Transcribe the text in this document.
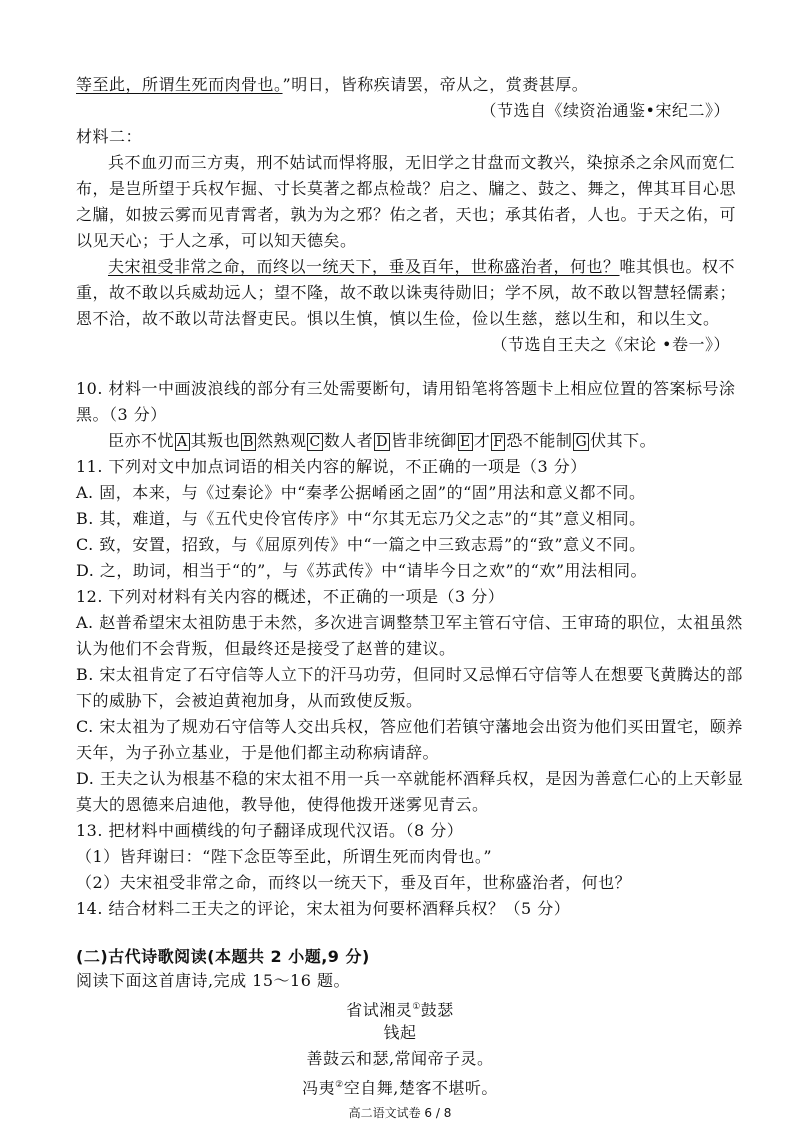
等至此，所谓生死而肉骨也。”明日，皆称疾请罢，帝从之，赏赉甚厚。
（节选自《续资治通鉴•宋纪二》）
材料二：
兵不血刃而三方夷，刑不姑试而悍将服，无旧学之甘盘而文教兴，染掠杀之余风而宽仁
布，是岂所望于兵权乍掘、寸长莫著之都点检哉？启之、牖之、鼓之、舞之，俾其耳目心思
之牖，如披云雾而见青霄者，孰为为之邪？佑之者，天也；承其佑者，人也。于天之佑，可
以见天心；于人之承，可以知天德矣。
夫宋祖受非常之命，而终以一统天下，垂及百年，世称盛治者，何也？唯其惧也。权不
重，故不敢以兵威劫远人；望不隆，故不敢以诛夷待勋旧；学不夙，故不敢以智慧轻儒素；
恩不洽，故不敢以苛法督吏民。惧以生慎，慎以生俭，俭以生慈，慈以生和，和以生文。
（节选自王夫之《宋论 •卷一》）
10. 材料一中画波浪线的部分有三处需要断句，请用铅笔将答题卡上相应位置的答案标号涂
黑。（3 分）
臣亦不忧 A 其叛也 B 然熟观 C 数人者 D 皆非统御 E 才 F 恐不能制 G 伏其下。
11. 下列对文中加点词语的相关内容的解说，不正确的一项是（3 分）
A. 固，本来，与《过秦论》中“秦孝公据崤函之固”的“固”用法和意义都不同。
B. 其，难道，与《五代史伶官传序》中“尔其无忘乃父之志”的“其”意义相同。
C. 致，安置，招致，与《屈原列传》中“一篇之中三致志焉”的“致”意义不同。
D. 之，助词，相当于“的”，与《苏武传》中“请毕今日之欢”的“欢”用法相同。
12. 下列对材料有关内容的概述，不正确的一项是（3 分）
A. 赵普希望宋太祖防患于未然，多次进言调整禁卫军主管石守信、王审琦的职位，太祖虽然
认为他们不会背叛，但最终还是接受了赵普的建议。
B. 宋太祖肯定了石守信等人立下的汗马功劳，但同时又忌惮石守信等人在想要飞黄腾达的部
下的威胁下，会被迫黄袍加身，从而致使反叛。
C. 宋太祖为了规劝石守信等人交出兵权，答应他们若镇守藩地会出资为他们买田置宅，颐养
天年，为子孙立基业，于是他们都主动称病请辞。
D. 王夫之认为根基不稳的宋太祖不用一兵一卒就能杯酒释兵权，是因为善意仁心的上天彰显
莫大的恩德来启迪他，教导他，使得他拨开迷雾见青云。
13. 把材料中画横线的句子翻译成现代汉语。（8 分）
（1）皆拜谢曰：“陛下念臣等至此，所谓生死而肉骨也。”
（2）夫宋祖受非常之命，而终以一统天下，垂及百年，世称盛治者，何也？
14. 结合材料二王夫之的评论，宋太祖为何要杯酒释兵权？（5 分）
(二)古代诗歌阅读(本题共 2 小题,9 分)
阅读下面这首唐诗,完成 15～16 题。
省试湘灵①鼓瑟
钱起
善鼓云和瑟,常闻帝子灵。
冯夷②空自舞,楚客不堪听。
高二语文试卷 6 / 8
